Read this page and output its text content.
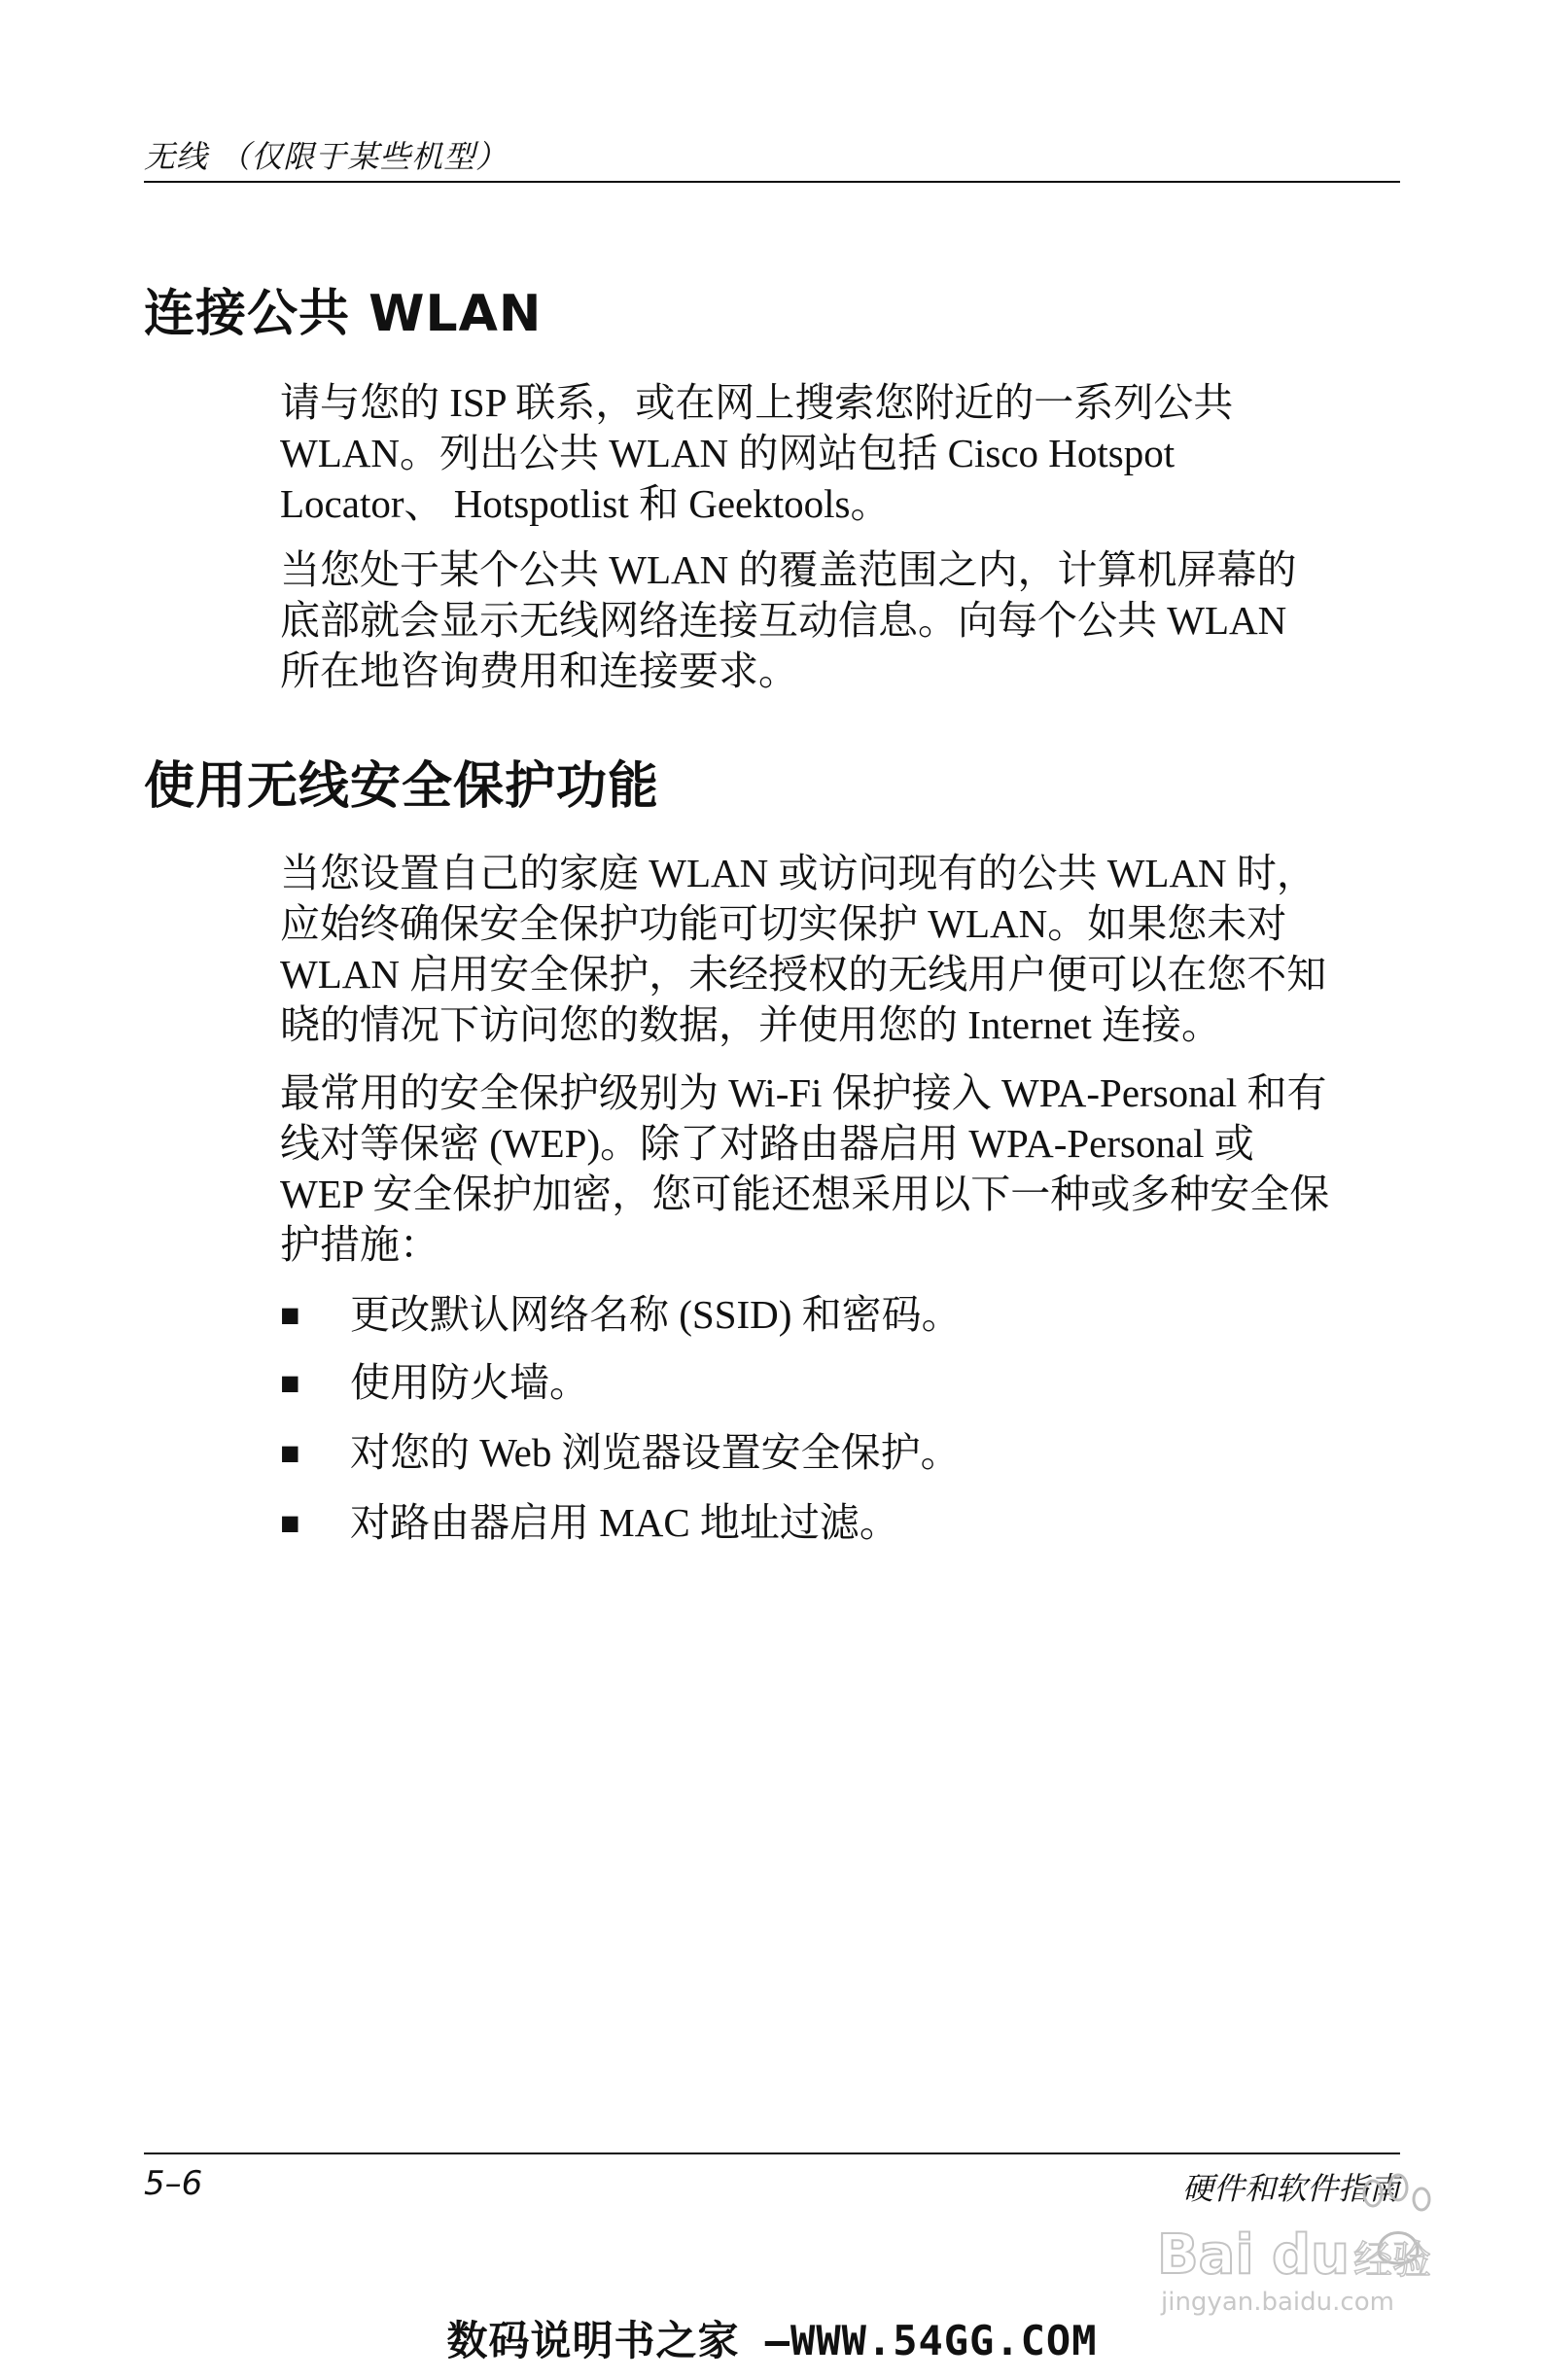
无线 （仅限于某些机型）
连接公共 WLAN
请与您的 ISP 联系，或在网上搜索您附近的一系列公共
WLAN。列出公共 WLAN 的网站包括 Cisco Hotspot
Locator、 Hotspotlist 和 Geektools。
当您处于某个公共 WLAN 的覆盖范围之内，计算机屏幕的
底部就会显示无线网络连接互动信息。向每个公共 WLAN
所在地咨询费用和连接要求。
使用无线安全保护功能
当您设置自己的家庭 WLAN 或访问现有的公共 WLAN 时，
应始终确保安全保护功能可切实保护 WLAN。如果您未对
WLAN 启用安全保护，未经授权的无线用户便可以在您不知
晓的情况下访问您的数据，并使用您的 Internet 连接。
最常用的安全保护级别为 Wi-Fi 保护接入 WPA-Personal 和有
线对等保密 (WEP)。除了对路由器启用 WPA-Personal 或
WEP 安全保护加密，您可能还想采用以下一种或多种安全保
护措施：
■ 更改默认网络名称 (SSID) 和密码。
■ 使用防火墙。
■ 对您的 Web 浏览器设置安全保护。
■ 对路由器启用 MAC 地址过滤。
5–6	硬件和软件指南
Bai du 经验
jingyan.baidu.com
数码说明书之家 —WWW.54GG.COM
